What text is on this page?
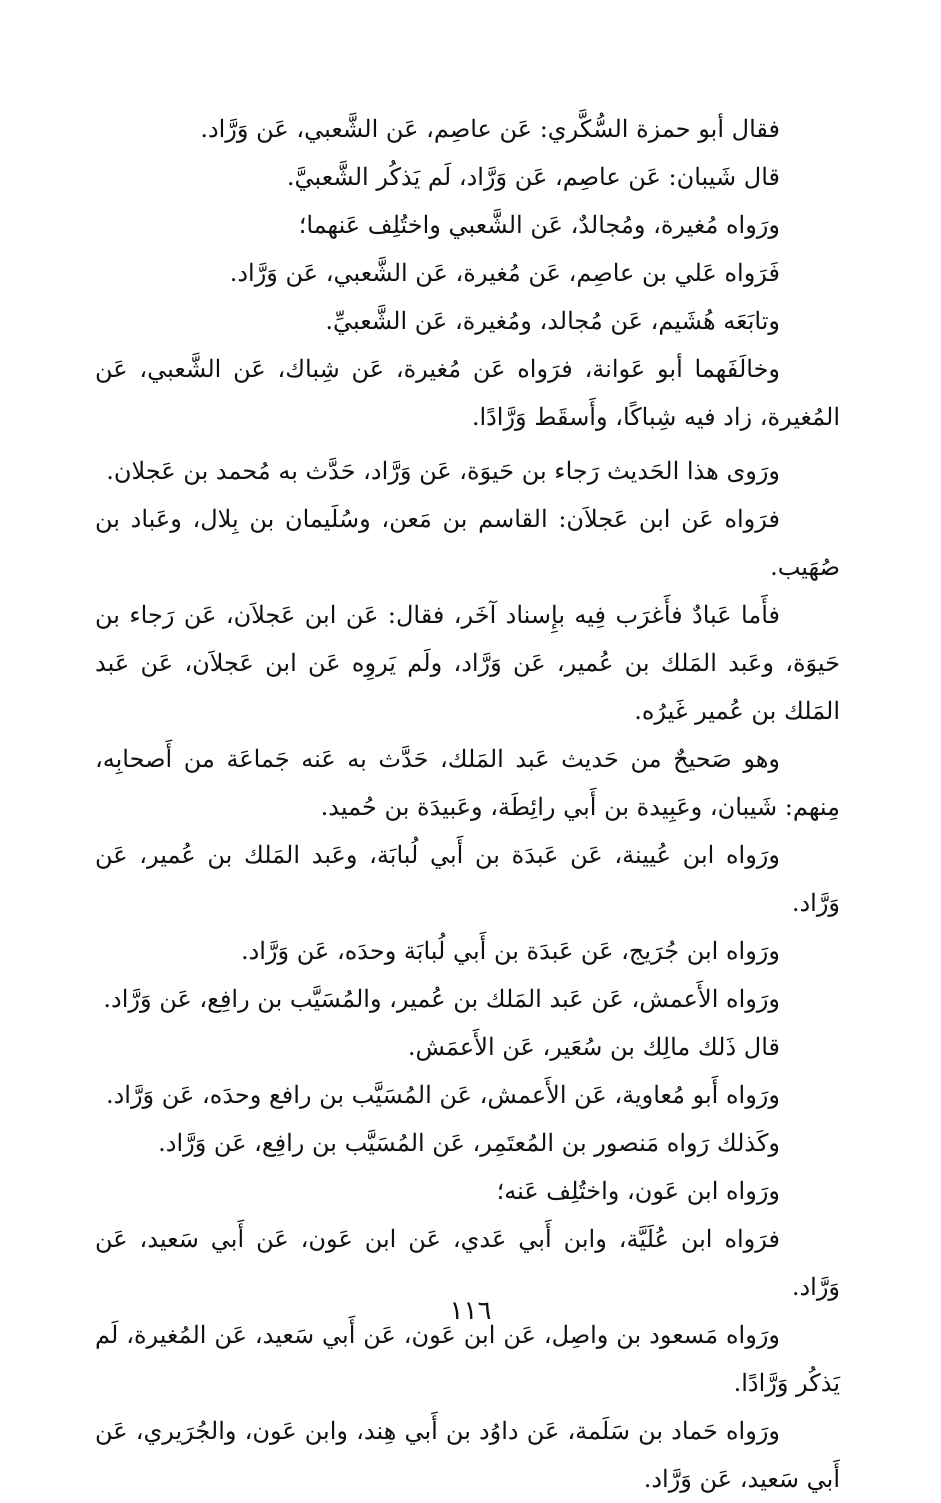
فقال أبو حمزة السُّكَّري: عَن عاصِم، عَن الشَّعبي، عَن وَرَّاد.

قال شَيبان: عَن عاصِم، عَن وَرَّاد، لَم يَذكُر الشَّعبيَّ.

ورَواه مُغيرة، ومُجالدٌ، عَن الشَّعبي واختُلِف عَنهما؛

فَرَواه عَلي بن عاصِم، عَن مُغيرة، عَن الشَّعبي، عَن وَرَّاد.

وتابَعَه هُشَيم، عَن مُجالد، ومُغيرة، عَن الشَّعبيِّ.

وخالَفَهما أبو عَوانة، فرَواه عَن مُغيرة، عَن شِباك، عَن الشَّعبي، عَن المُغيرة، زاد فيه شِباكًا، وأَسقَط وَرَّادًا.

ورَوى هذا الحَديث رَجاء بن حَيوَة، عَن وَرَّاد، حَدَّث به مُحمد بن عَجلان.

فرَواه عَن ابن عَجلاَن: القاسم بن مَعن، وسُلَيمان بن بِلال، وعَباد بن صُهَيب.

فأَما عَبادٌ فأَغرَب فِيه بإِسناد آخَر، فقال: عَن ابن عَجلاَن، عَن رَجاء بن حَيوَة، وعَبد المَلك بن عُمير، عَن وَرَّاد، ولَم يَروِه عَن ابن عَجلاَن، عَن عَبد المَلك بن عُمير غَيرُه.

وهو صَحيحٌ من حَديث عَبد المَلك، حَدَّث به عَنه جَماعَة من أَصحابِه، مِنهم: شَيبان، وعَبِيدة بن أَبي رائِطَة، وعَبيدَة بن حُميد.

ورَواه ابن عُيينة، عَن عَبدَة بن أَبي لُبابَة، وعَبد المَلك بن عُمير، عَن وَرَّاد.

ورَواه ابن جُرَيج، عَن عَبدَة بن أَبي لُبابَة وحدَه، عَن وَرَّاد.

ورَواه الأَعمش، عَن عَبد المَلك بن عُمير، والمُسَيَّب بن رافِع، عَن وَرَّاد.

قال ذَلك مالِك بن سُعَير، عَن الأَعمَش.

ورَواه أَبو مُعاوية، عَن الأَعمش، عَن المُسَيَّب بن رافع وحدَه، عَن وَرَّاد.

وكَذلك رَواه مَنصور بن المُعتَمِر، عَن المُسَيَّب بن رافِع، عَن وَرَّاد.

ورَواه ابن عَون، واختُلِف عَنه؛

فرَواه ابن عُلَيَّة، وابن أَبي عَدي، عَن ابن عَون، عَن أَبي سَعيد، عَن وَرَّاد.

ورَواه مَسعود بن واصِل، عَن ابن عَون، عَن أَبي سَعيد، عَن المُغيرة، لَم يَذكُر وَرَّادًا.

ورَواه حَماد بن سَلَمة، عَن داوُد بن أَبي هِند، وابن عَون، والجُرَيري، عَن أَبي سَعيد، عَن وَرَّاد.

١١٦
